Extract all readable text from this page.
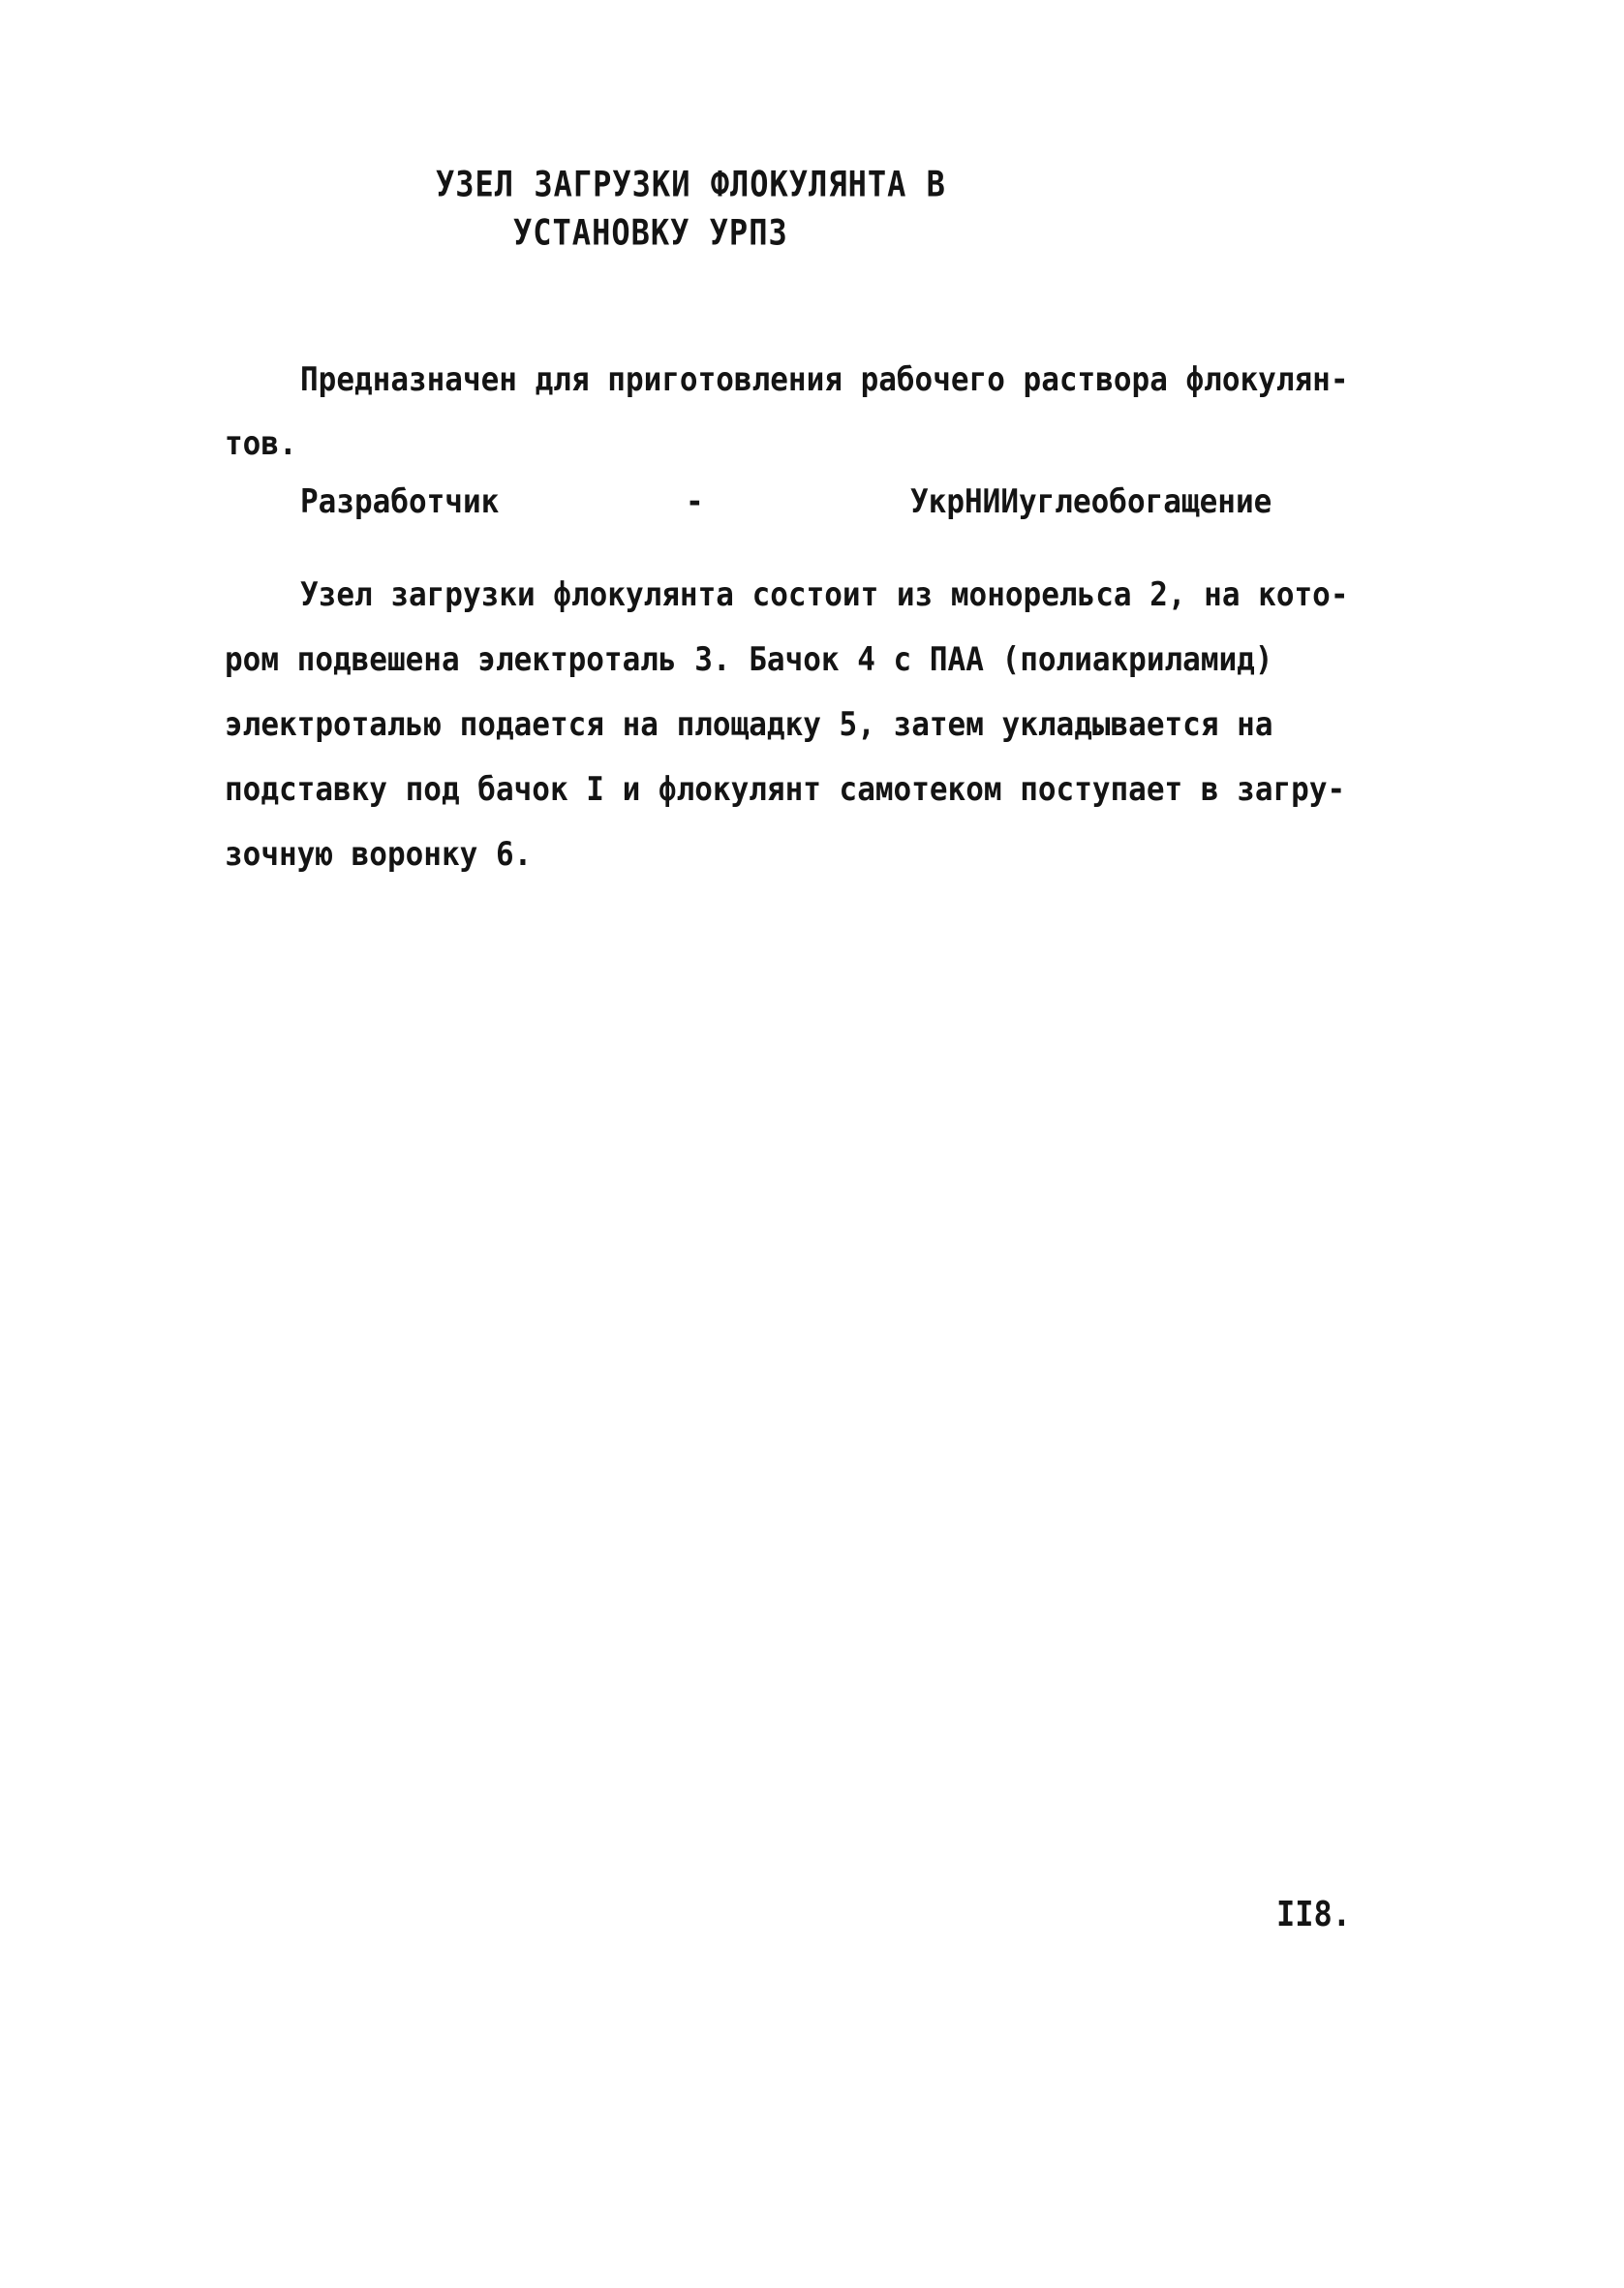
УЗЕЛ ЗАГРУЗКИ ФЛОКУЛЯНТА В
УСТАНОВКУ УРПЗ
Предназначен для приготовления рабочего раствора флокулян-
тов.
Разработчик	-	УкрНИИуглеобогащение
Узел загрузки флокулянта состоит из монорельса 2, на кото-
ром подвешена электроталь 3. Бачок 4 с ПАА (полиакриламид)
электроталью подается на площадку 5, затем укладывается на
подставку под бачок I и флокулянт самотеком поступает в загру-
зочную воронку 6.
II8.
